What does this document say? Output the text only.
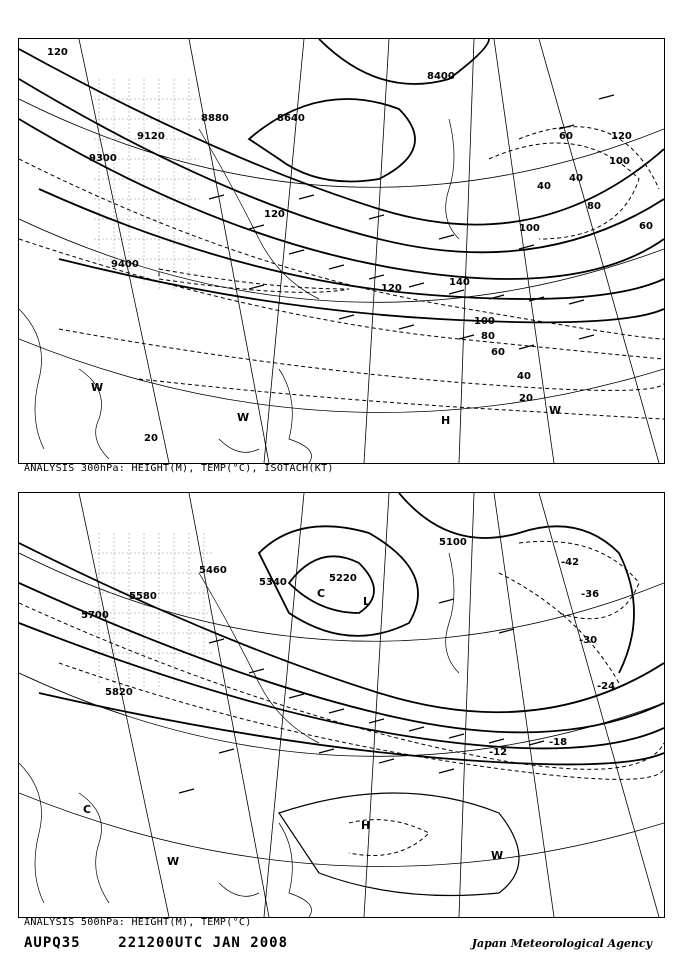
9120
9300
9400
8880	8640
8400
120
20
40
60
80
100
120
140
120
100
40
80
60
20
40
120
100
60
W
W	H
W
ANALYSIS 300hPa: HEIGHT(M), TEMP(°C), ISOTACH(KT)
5700
5580
5460
5340	5220
5100
5820
-42
-36
-30
-24
-18
-12
C
L
C
H
W
W
ANALYSIS 500hPa: HEIGHT(M), TEMP(°C)
AUPQ35    221200UTC JAN 2008	Japan Meteorological Agency
